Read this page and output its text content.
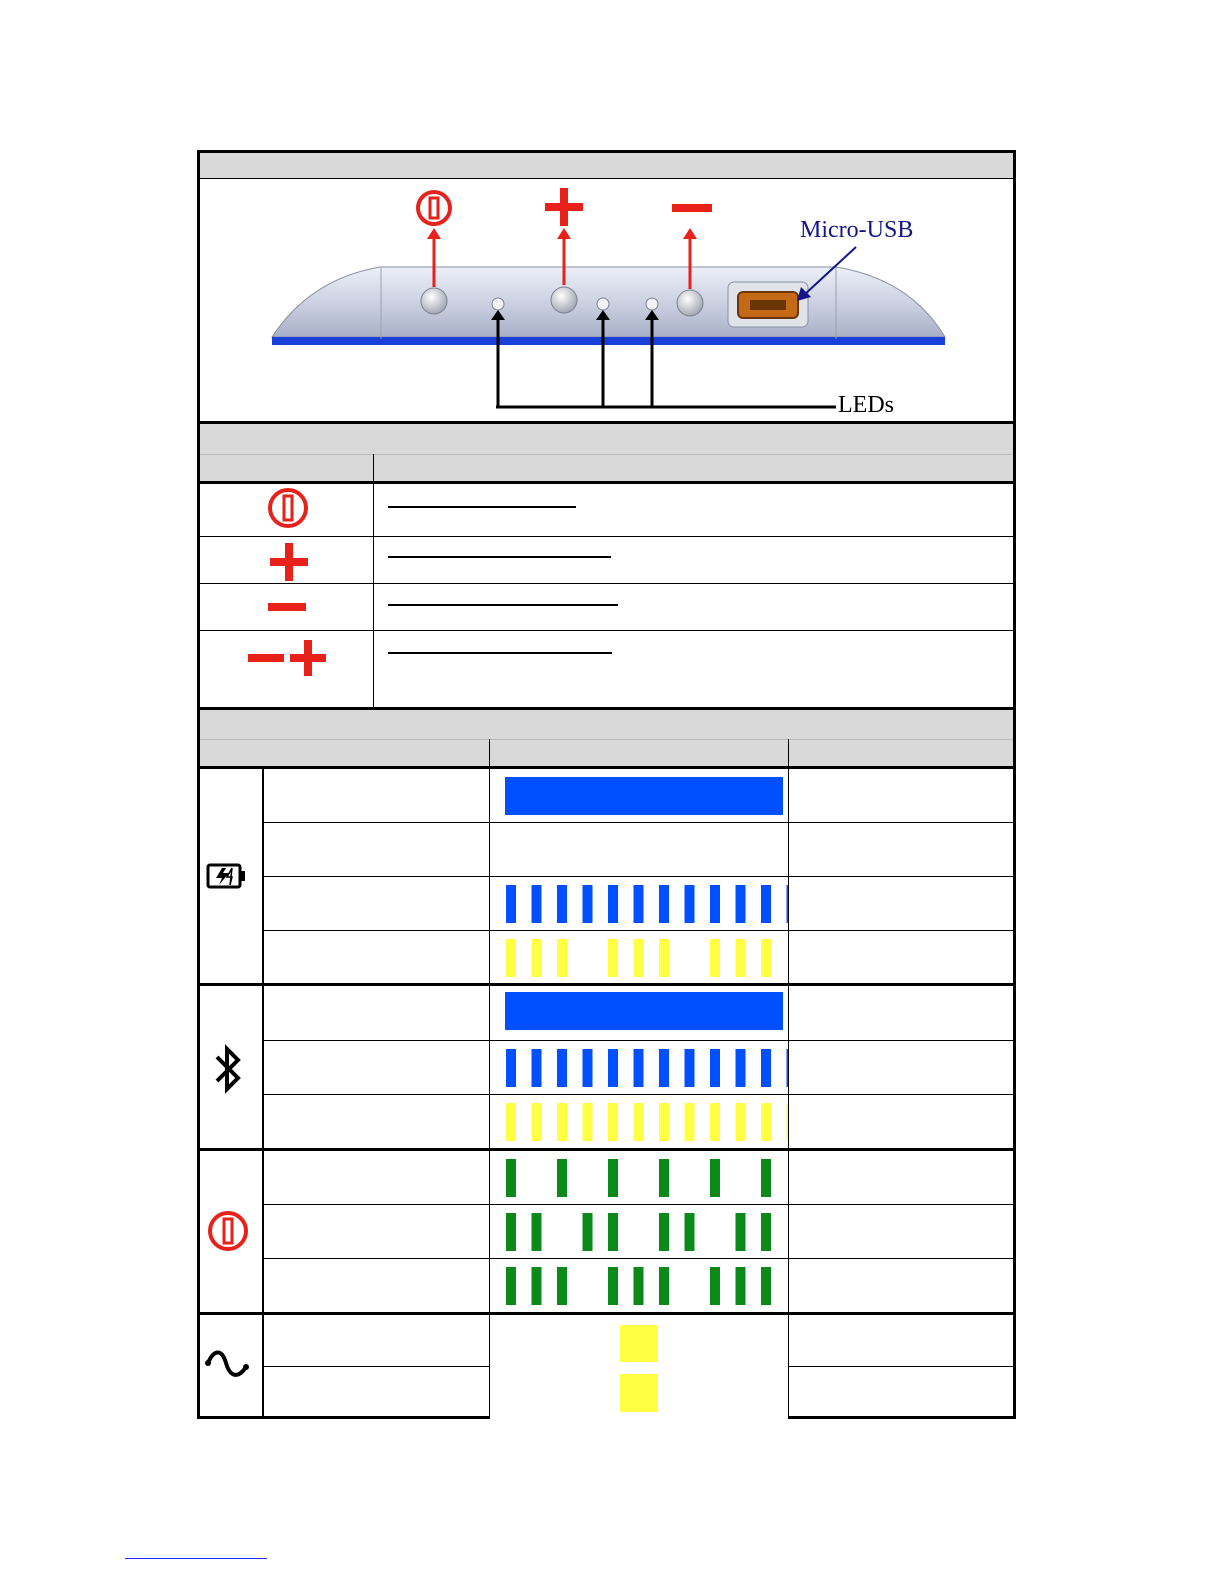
Micro-USB
LEDs
